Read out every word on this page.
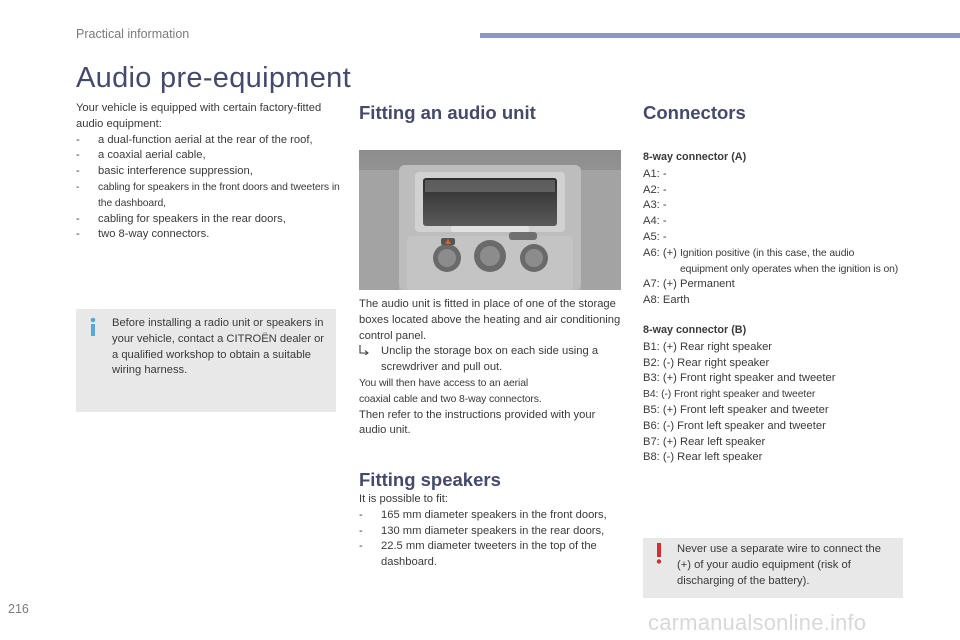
Practical information
Audio pre-equipment
Your vehicle is equipped with certain factory-fitted audio equipment:
- a dual-function aerial at the rear of the roof,
- a coaxial aerial cable,
- basic interference suppression,
- cabling for speakers in the front doors and tweeters in the dashboard,
- cabling for speakers in the rear doors,
- two 8-way connectors.
Before installing a radio unit or speakers in your vehicle, contact a CITROËN dealer or a qualified workshop to obtain a suitable wiring harness.
Fitting an audio unit
The audio unit is fitted in place of one of the storage boxes located above the heating and air conditioning control panel.
Unclip the storage box on each side using a screwdriver and pull out.
You will then have access to an aerial
coaxial cable and two 8-way connectors.
Then refer to the instructions provided with your audio unit.
Fitting speakers
It is possible to fit:
- 165 mm diameter speakers in the front doors,
- 130 mm diameter speakers in the rear doors,
- 22.5 mm diameter tweeters in the top of the dashboard.
Connectors
8-way connector (A)
A1: -
A2: -
A3: -
A4: -
A5: -
A6: (+) Ignition positive (in this case, the audio
equipment only operates when the ignition is on)
A7: (+) Permanent
A8: Earth
8-way connector (B)
B1: (+) Rear right speaker
B2: (-) Rear right speaker
B3: (+) Front right speaker and tweeter
B4: (-) Front right speaker and tweeter
B5: (+) Front left speaker and tweeter
B6: (-) Front left speaker and tweeter
B7: (+) Rear left speaker
B8: (-) Rear left speaker
Never use a separate wire to connect the (+) of your audio equipment (risk of discharging of the battery).
216
carmanualsonline.info
